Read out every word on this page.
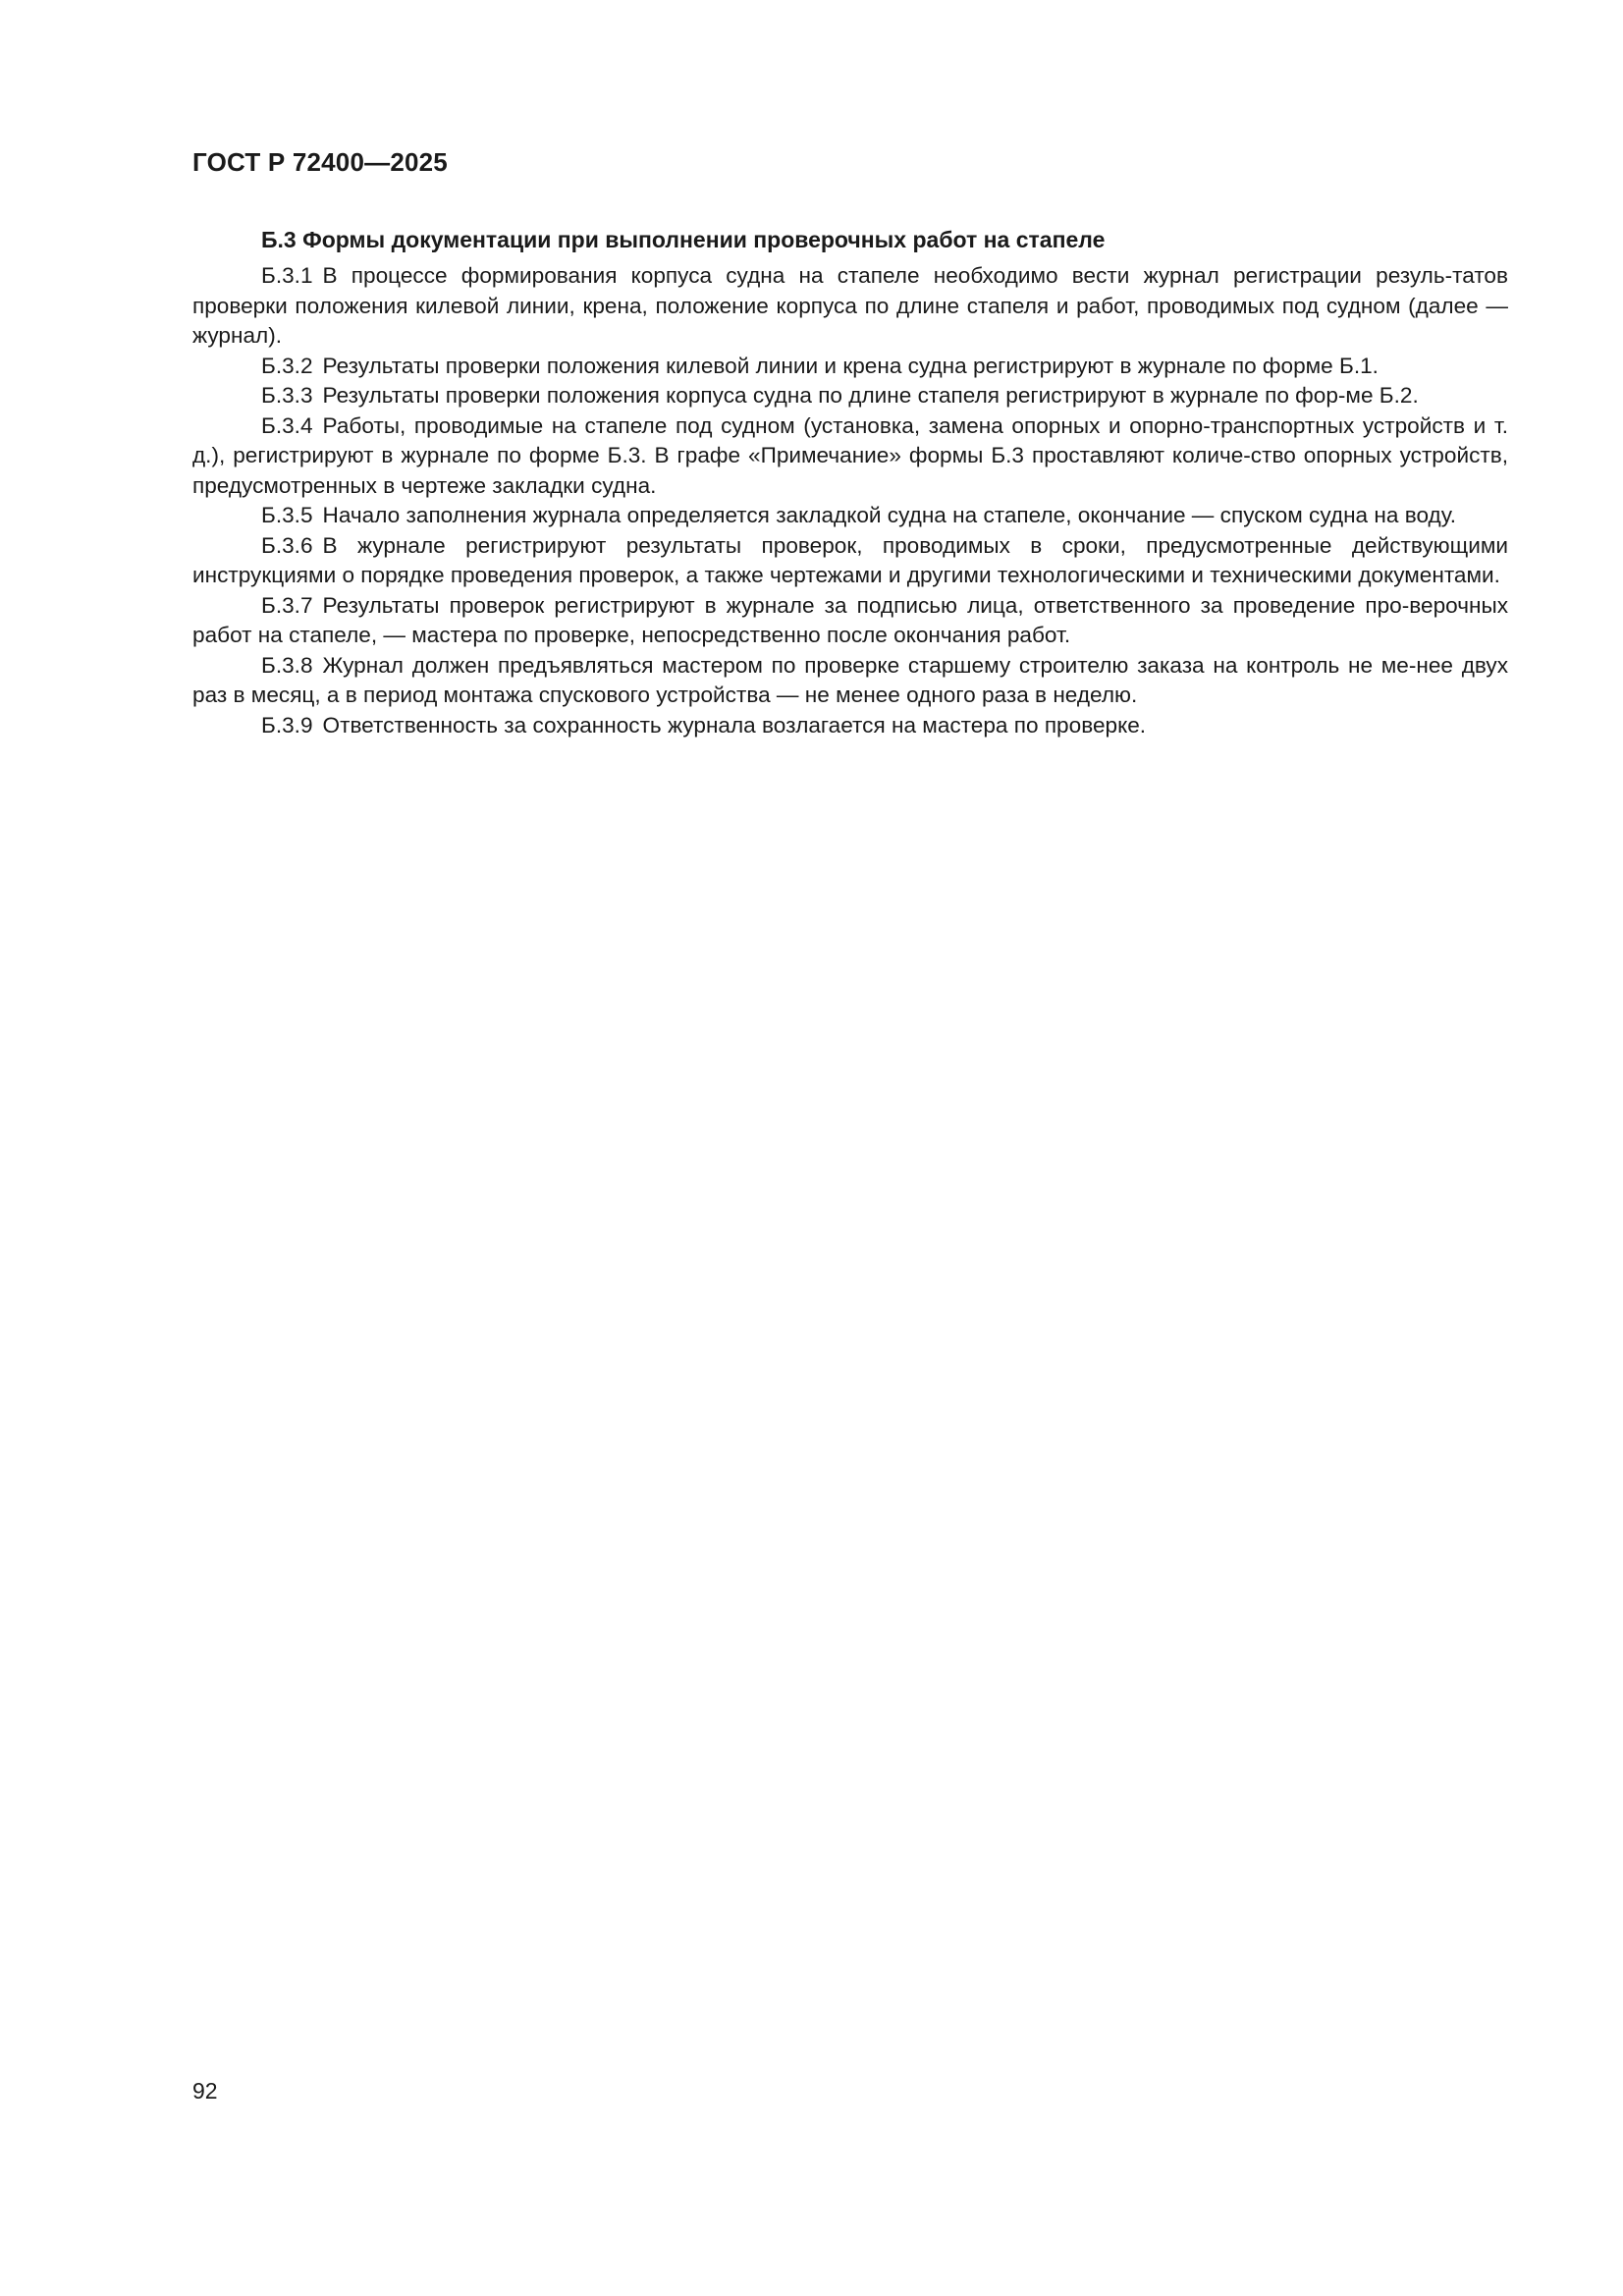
ГОСТ Р 72400—2025
Б.3 Формы документации при выполнении проверочных работ на стапеле

Б.3.1 В процессе формирования корпуса судна на стапеле необходимо вести журнал регистрации резуль-татов проверки положения килевой линии, крена, положение корпуса по длине стапеля и работ, проводимых под судном (далее — журнал).

Б.3.2 Результаты проверки положения килевой линии и крена судна регистрируют в журнале по форме Б.1.

Б.3.3 Результаты проверки положения корпуса судна по длине стапеля регистрируют в журнале по фор-ме Б.2.

Б.3.4 Работы, проводимые на стапеле под судном (установка, замена опорных и опорно-транспортных устройств и т. д.), регистрируют в журнале по форме Б.3. В графе «Примечание» формы Б.3 проставляют количе-ство опорных устройств, предусмотренных в чертеже закладки судна.

Б.3.5 Начало заполнения журнала определяется закладкой судна на стапеле, окончание — спуском судна на воду.

Б.3.6 В журнале регистрируют результаты проверок, проводимых в сроки, предусмотренные действующими инструкциями о порядке проведения проверок, а также чертежами и другими технологическими и техническими документами.

Б.3.7 Результаты проверок регистрируют в журнале за подписью лица, ответственного за проведение про-верочных работ на стапеле, — мастера по проверке, непосредственно после окончания работ.

Б.3.8 Журнал должен предъявляться мастером по проверке старшему строителю заказа на контроль не ме-нее двух раз в месяц, а в период монтажа спускового устройства — не менее одного раза в неделю.

Б.3.9 Ответственность за сохранность журнала возлагается на мастера по проверке.

92
